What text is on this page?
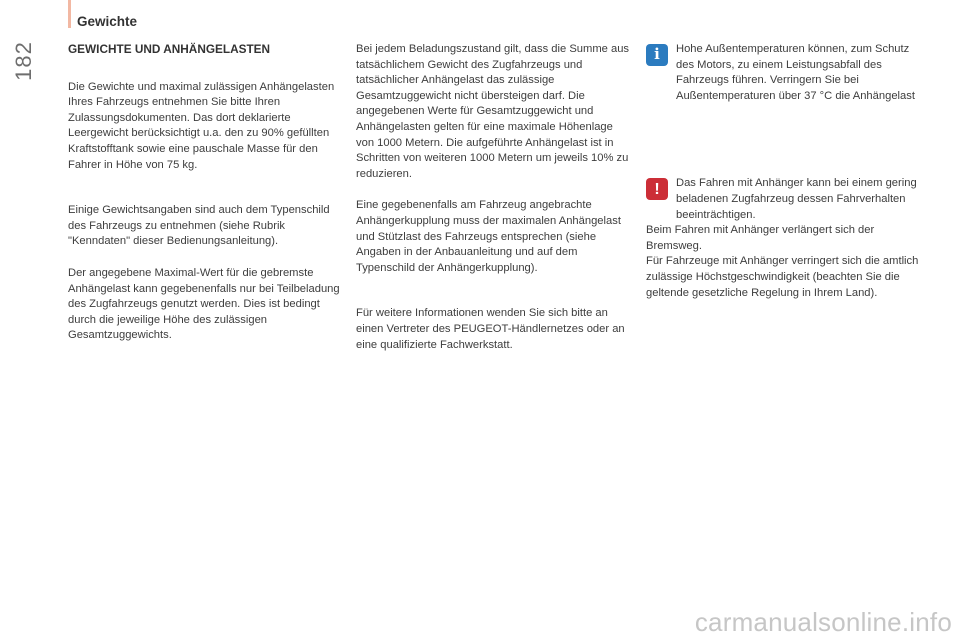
Gewichte
182	GEWICHTE UND ANHÄNGELASTEN

Die Gewichte und maximal zulässigen Anhängelasten Ihres Fahrzeugs entnehmen Sie bitte Ihren Zulassungsdokumenten. Das dort deklarierte Leergewicht berücksichtigt u.a. den zu 90% gefüllten Kraftstofftank sowie eine pauschale Masse für den Fahrer in Höhe von 75 kg.

Einige Gewichtsangaben sind auch dem Typenschild des Fahrzeugs zu entnehmen (siehe Rubrik "Kenndaten" dieser Bedienungsanleitung).

Der angegebene Maximal-Wert für die gebremste Anhängelast kann gegebenenfalls nur bei Teilbeladung des Zugfahrzeugs genutzt werden. Dies ist bedingt durch die jeweilige Höhe des zulässigen Gesamtzuggewichts.

Bei jedem Beladungszustand gilt, dass die Summe aus tatsächlichem Gewicht des Zugfahrzeugs und tatsächlicher Anhängelast das zulässige Gesamtzuggewicht nicht übersteigen darf. Die angegebenen Werte für Gesamtzuggewicht und Anhängelasten gelten für eine maximale Höhenlage von 1000 Metern. Die aufgeführte Anhängelast ist in Schritten von weiteren 1000 Metern um jeweils 10% zu reduzieren.

Eine gegebenenfalls am Fahrzeug angebrachte Anhängerkupplung muss der maximalen Anhängelast und Stützlast des Fahrzeugs entsprechen (siehe Angaben in der Anbauanleitung und auf dem Typenschild der Anhängerkupplung).

Für weitere Informationen wenden Sie sich bitte an einen Vertreter des PEUGEOT-Händlernetzes oder an eine qualifizierte Fachwerkstatt.

i	Hohe Außentemperaturen können, zum Schutz des Motors, zu einem Leistungsabfall des Fahrzeugs führen. Verringern Sie bei Außentemperaturen über 37 °C die Anhängelast

!	Das Fahren mit Anhänger kann bei einem gering beladenen Zugfahrzeug dessen Fahrverhalten beeinträchtigen.

Beim Fahren mit Anhänger verlängert sich der Bremsweg.

Für Fahrzeuge mit Anhänger verringert sich die amtlich zulässige Höchstgeschwindigkeit (beachten Sie die geltende gesetzliche Regelung in Ihrem Land).

carmanualsonline.info
